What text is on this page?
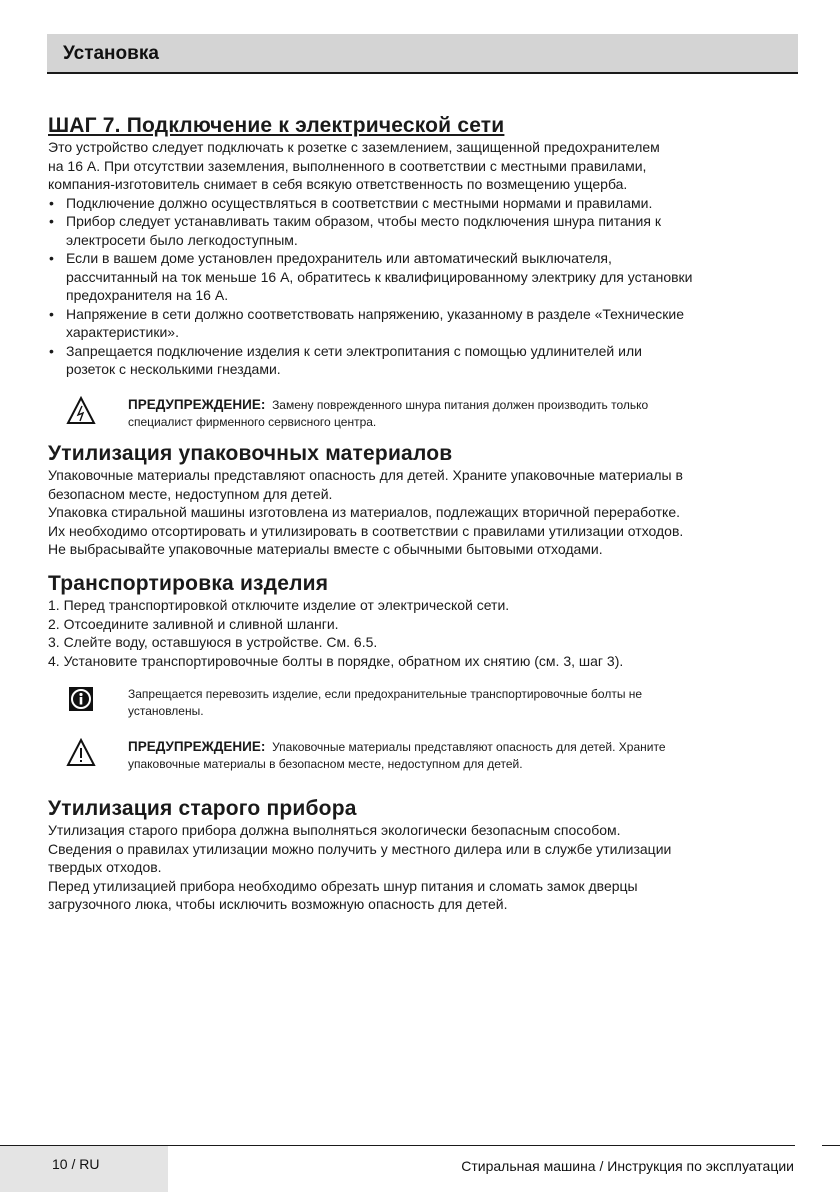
Установка
ШАГ 7. Подключение к электрической сети

Это устройство следует подключать к розетке с заземлением, защищенной предохранителем

на 16 А. При отсутствии заземления, выполненного в соответствии с местными правилами,

компания-изготовитель снимает в себя всякую ответственность по возмещению ущерба.

• Подключение должно осуществляться в соответствии с местными нормами и правилами.
• Прибор следует устанавливать таким образом, чтобы место подключения шнура питания к
электросети было легкодоступным.
• Если в вашем доме установлен предохранитель или автоматический выключателя,
рассчитанный на ток меньше 16 А, обратитесь к квалифицированному электрику для установки
предохранителя на 16 А.
• Напряжение в сети должно соответствовать напряжению, указанному в разделе «Технические
характеристики».
• Запрещается подключение изделия к сети электропитания с помощью удлинителей или
розеток с несколькими гнездами.
ПРЕДУПРЕЖДЕНИЕ: Замену поврежденного шнура питания должен производить только
специалист фирменного сервисного центра.
Утилизация упаковочных материалов

Упаковочные материалы представляют опасность для детей. Храните упаковочные материалы в

безопасном месте, недоступном для детей.

Упаковка стиральной машины изготовлена из материалов, подлежащих вторичной переработке.

Их необходимо отсортировать и утилизировать в соответствии с правилами утилизации отходов.

Не выбрасывайте упаковочные материалы вместе с обычными бытовыми отходами.

Транспортировка изделия
1. Перед транспортировкой отключите изделие от электрической сети.
2. Отсоедините заливной и сливной шланги.
3. Слейте воду, оставшуюся в устройстве. См. 6.5.
4. Установите транспортировочные болты в порядке, обратном их снятию (см. 3, шаг 3).
Запрещается перевозить изделие, если предохранительные транспортировочные болты не
установлены.
ПРЕДУПРЕЖДЕНИЕ: Упаковочные материалы представляют опасность для детей. Храните
упаковочные материалы в безопасном месте, недоступном для детей.
Утилизация старого прибора

Утилизация старого прибора должна выполняться экологически безопасным способом.

Сведения о правилах утилизации можно получить у местного дилера или в службе утилизации

твердых отходов.

Перед утилизацией прибора необходимо обрезать шнур питания и сломать замок дверцы

загрузочного люка, чтобы исключить возможную опасность для детей.

10 / RU	Стиральная машина / Инструкция по эксплуатации
